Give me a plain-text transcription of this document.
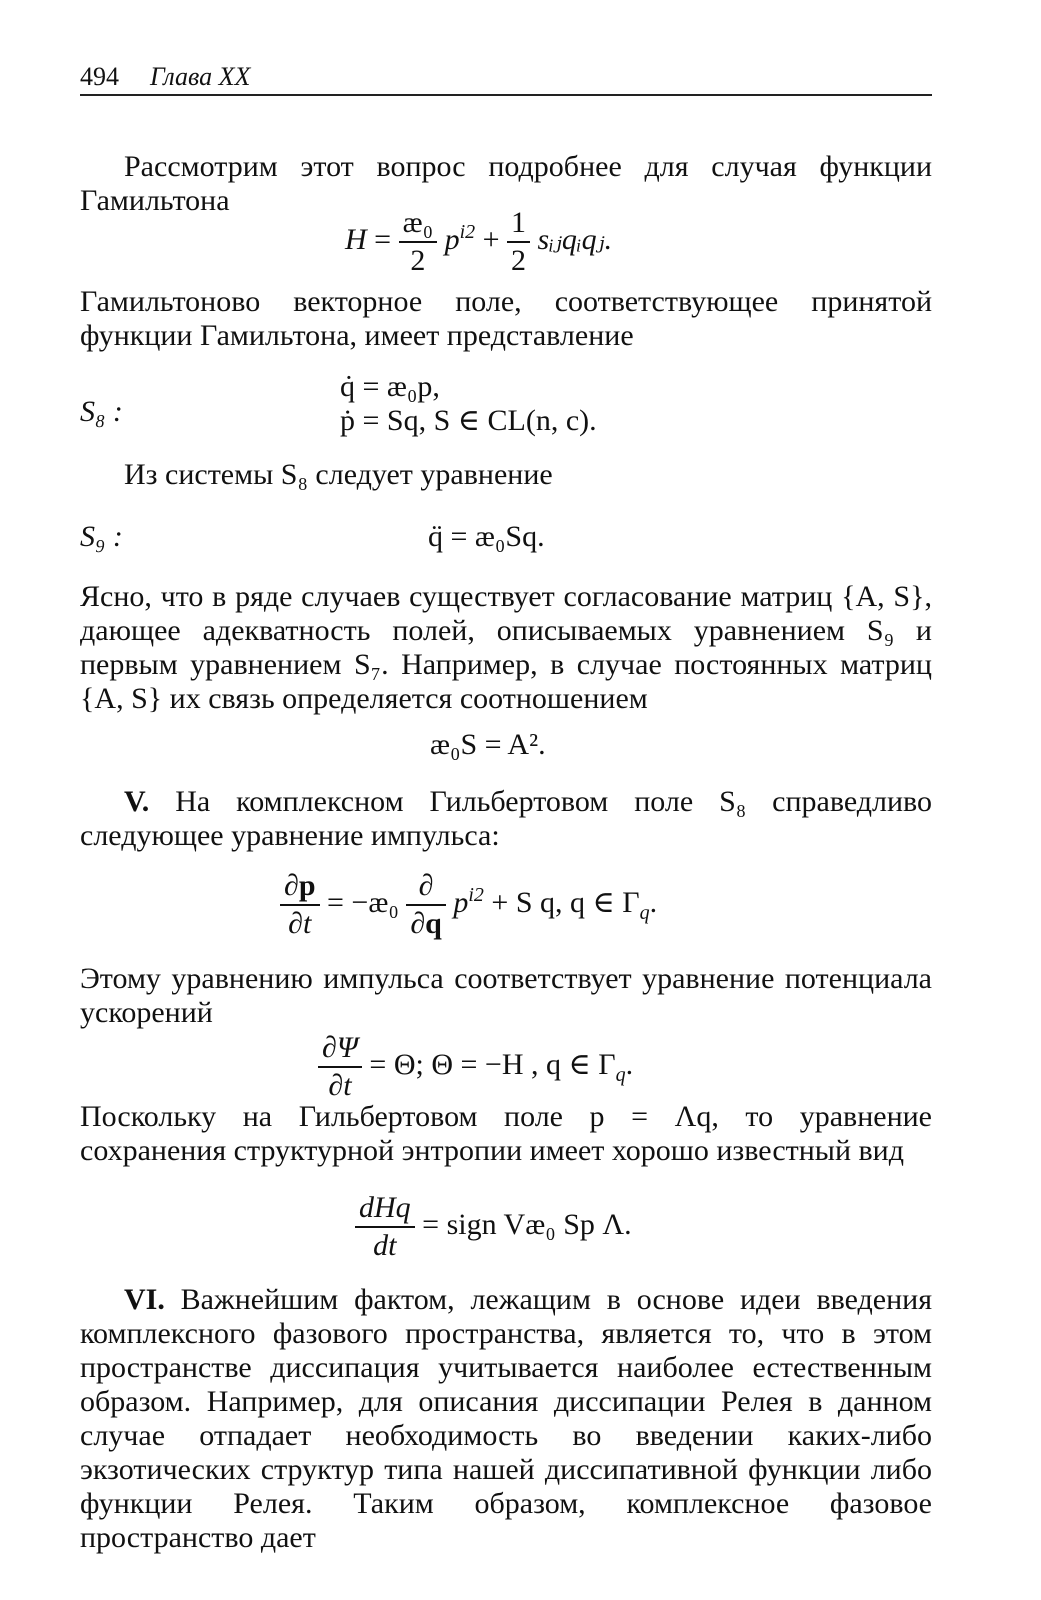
494 Глава XX

Рассмотрим этот вопрос подробнее для случая функции Гамильтона

$H = \frac{\text{æ₀}}{2} p^{i2} + \frac{1}{2}$ sᵢⱼqᵢqⱼ.

Гамильтоново векторное поле, соответствующее принятой функции Гамильтона, имеет представление

S₈ :
q̇ = æ₀p,
ṗ = Sq, S ∈ CL(n, c).

Из системы S₈ следует уравнение

S₉ :	q̈ = æ₀Sq.

Ясно, что в ряде случаев существует согласование матриц {A, S}, дающее адекватность полей, описываемых уравнением S₉ и первым уравнением S₇. Например, в случае постоянных матриц {A, S} их связь определяется соотношением

æ₀S = A².

V. На комплексном Гильбертовом поле S₈ справедливо следующее уравнение импульса:

$\frac{\partial p}{\partial t}$ = −æ₀ $\frac{\partial}{\partial q} p^{i2} + S$ q, q ∈ $\Gamma_q$.

Этому уравнению импульса соответствует уравнение потенциала ускорений

$\frac{\partial\Psi}{\partial t} = \Theta$; Θ = −H , q ∈ $\Gamma_q$.

Поскольку на Гильбертовом поле p = Λq, то уравнение сохранения структурной энтропии имеет хорошо известный вид

$\frac{\text{dHq}}{dt}$ = sign Væ₀ Sp Λ.

VI. Важнейшим фактом, лежащим в основе идеи введения комплексного фазового пространства, является то, что в этом пространстве диссипация учитывается наиболее естественным образом. Например, для описания диссипации Релея в данном случае отпадает необходимость во введении каких-либо экзотических структур типа нашей диссипативной функции либо функции Релея. Таким образом, комплексное фазовое пространство дает
